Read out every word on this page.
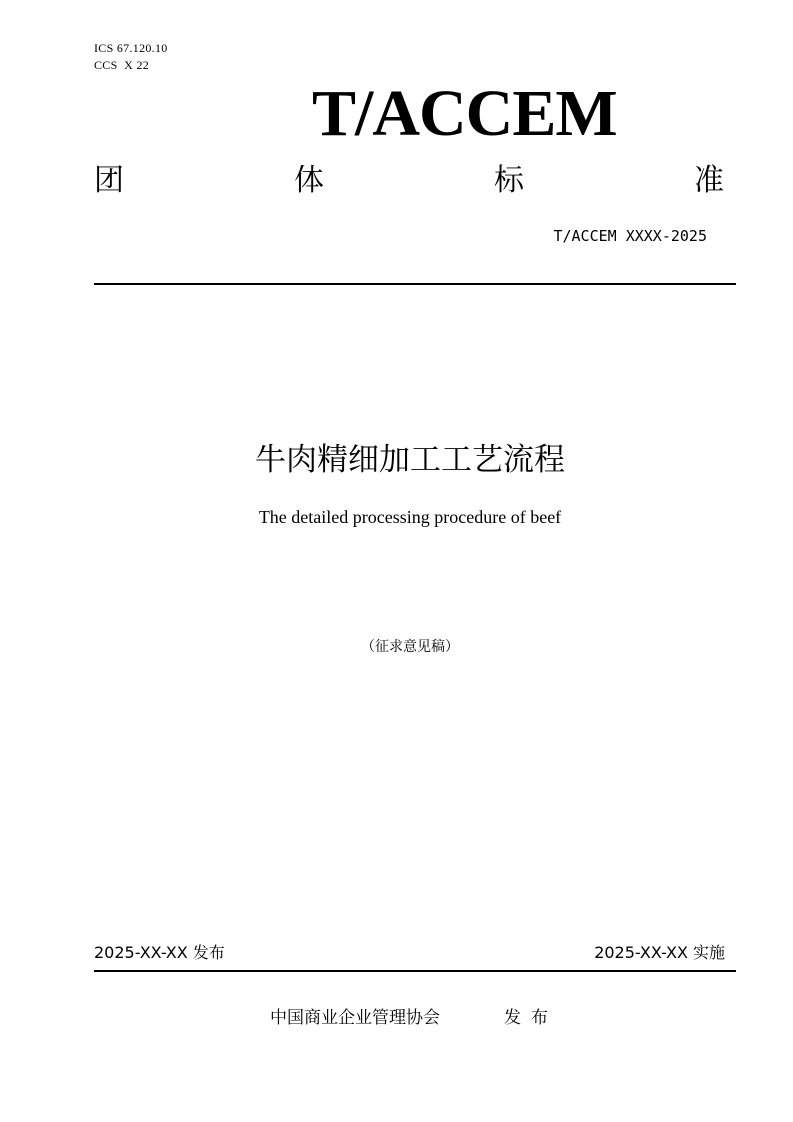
ICS 67.120.10
CCS  X 22
T/ACCEM
团	体	标	准
T/ACCEM XXXX-2025
牛肉精细加工工艺流程
The detailed processing procedure of beef
（征求意见稿）
2025-XX-XX 发布	2025-XX-XX 实施
中国商业企业管理协会	发布
